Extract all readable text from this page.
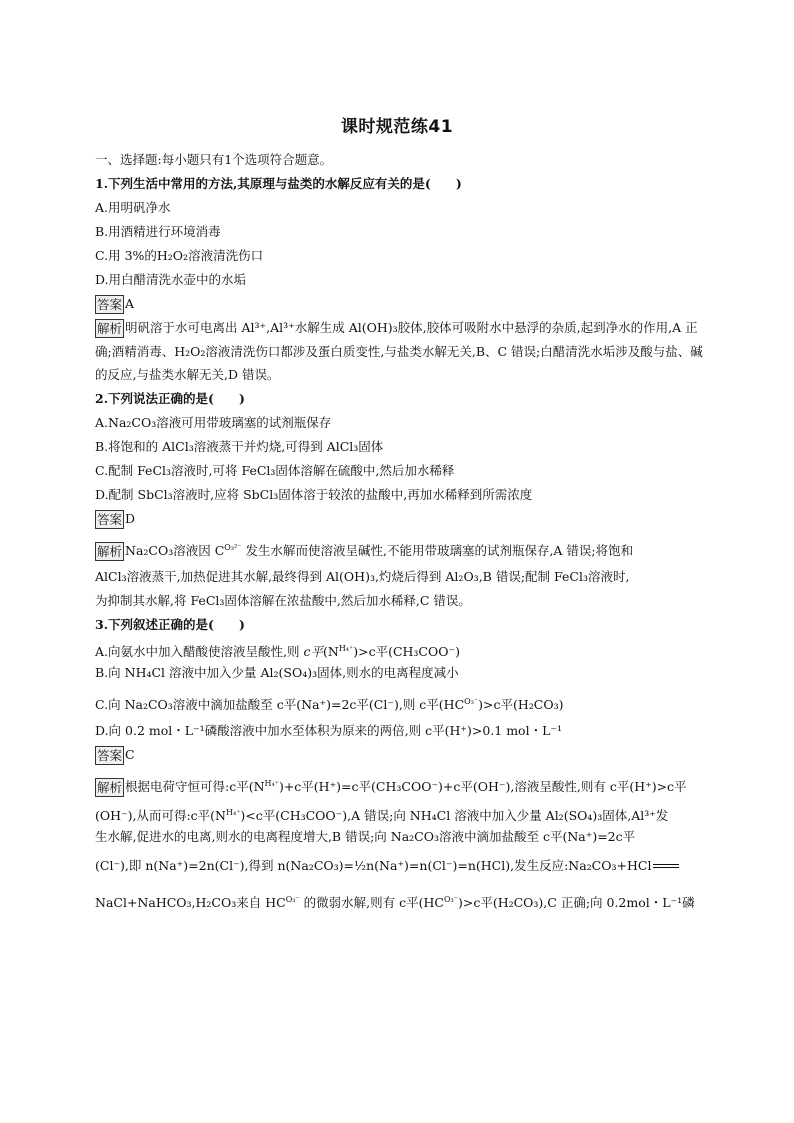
课时规范练41
一、选择题:每小题只有1个选项符合题意。
1.下列生活中常用的方法,其原理与盐类的水解反应有关的是(　　)
A.用明矾净水
B.用酒精进行环境消毒
C.用 3%的H₂O₂溶液清洗伤口
D.用白醋清洗水壶中的水垢
答案 A
解析 明矾溶于水可电离出 Al³⁺,Al³⁺水解生成 Al(OH)₃胶体,胶体可吸附水中悬浮的杂质,起到净水的作用,A 正确;酒精消毒、H₂O₂溶液清洗伤口都涉及蛋白质变性,与盐类水解无关,B、C 错误;白醋清洗水垢涉及酸与盐、碱的反应,与盐类水解无关,D 错误。
2.下列说法正确的是(　　)
A.Na₂CO₃溶液可用带玻璃塞的试剂瓶保存
B.将饱和的 AlCl₃溶液蒸干并灼烧,可得到 AlCl₃固体
C.配制 FeCl₃溶液时,可将 FeCl₃固体溶解在硫酸中,然后加水稀释
D.配制 SbCl₃溶液时,应将 SbCl₃固体溶于较浓的盐酸中,再加水稀释到所需浓度
答案 D
解析 Na₂CO₃溶液因 $C^{O_3^{2-}}$ 发生水解而使溶液呈碱性,不能用带玻璃塞的试剂瓶保存,A 错误;将饱和
AlCl₃溶液蒸干,加热促进其水解,最终得到 Al(OH)₃,灼烧后得到 Al₂O₃,B 错误;配制 FeCl₃溶液时,
为抑制其水解,将 FeCl₃固体溶解在浓盐酸中,然后加水稀释,C 错误。
3.下列叙述正确的是(　　)
A.向氨水中加入醋酸使溶液呈酸性,则 c平$(N^{H_4^+})>c$平(CH₃COO⁻)
B.向 NH₄Cl 溶液中加入少量 Al₂(SO₄)₃固体,则水的电离程度减小
C.向 Na₂CO₃溶液中滴加盐酸至 c平(Na⁺)=2c平(Cl⁻),则 c平$(HC^{O_3^-})>c$平(H₂CO₃)
D.向 0.2 mol・L⁻¹磷酸溶液中加水至体积为原来的两倍,则 c平(H⁺)>0.1 mol・L⁻¹
答案 C
解析 根据电荷守恒可得:c平$(N^{H_4^+})+c$平(H⁺)=c平(CH₃COO⁻)+c平(OH⁻),溶液呈酸性,则有 c平(H⁺)>c平
(OH⁻),从而可得:c平$(N^{H_4^+})<c$平(CH₃COO⁻),A 错误;向 NH₄Cl 溶液中加入少量 Al₂(SO₄)₃固体,Al³⁺发
生水解,促进水的电离,则水的电离程度增大,B 错误;向 Na₂CO₃溶液中滴加盐酸至 c平(Na⁺)=2c平
(Cl⁻),即 n(Na⁺)=2n(Cl⁻),得到 n(Na₂CO₃)=½n(Na⁺)=n(Cl⁻)=n(HCl),发生反应:Na₂CO₃+HCl
NaCl+NaHCO₃,H₂CO₃来自 $HC^{O_3^-}$ 的微弱水解,则有 c平$(HC^{O_3^-})>c$平(H₂CO₃),C 正确;向 0.2mol・L⁻¹磷
